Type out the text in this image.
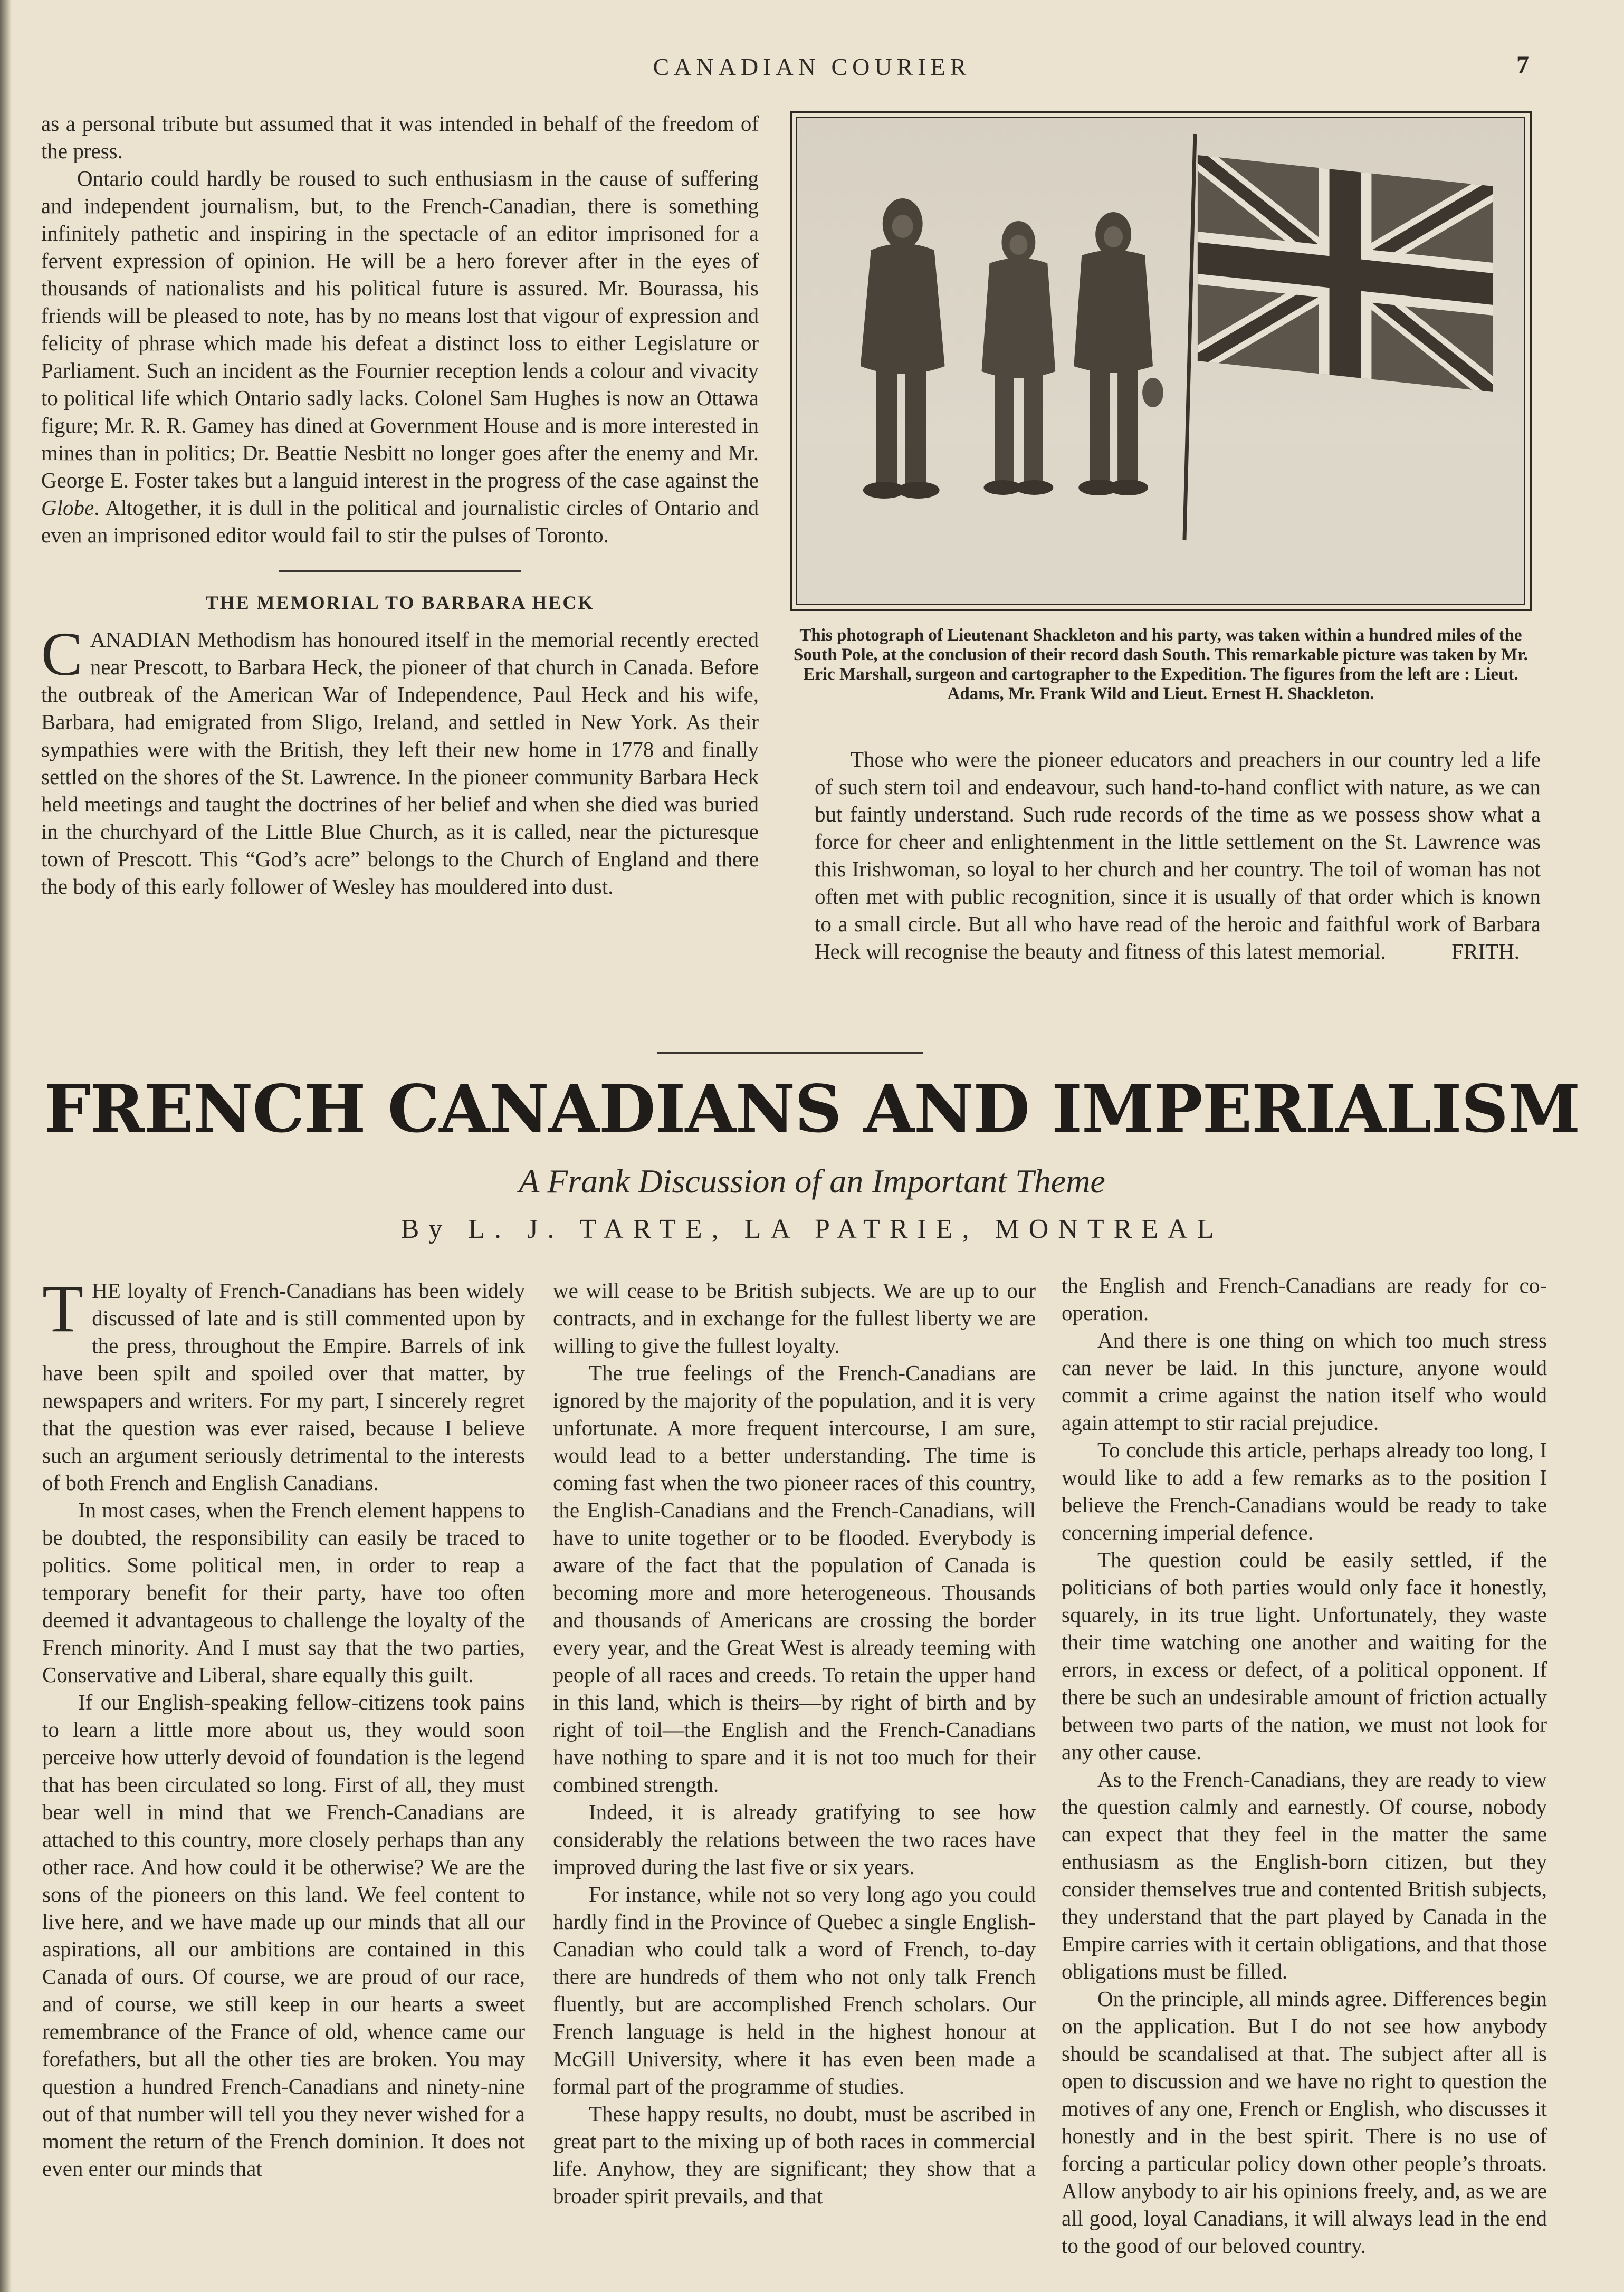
CANADIAN COURIER	7

as a personal tribute but assumed that it was intended in behalf of the freedom of the press.

Ontario could hardly be roused to such enthusiasm in the cause of suffering and independent journalism, but, to the French-Canadian, there is something infinitely pathetic and inspiring in the spectacle of an editor imprisoned for a fervent expression of opinion. He will be a hero forever after in the eyes of thousands of nationalists and his political future is assured. Mr. Bourassa, his friends will be pleased to note, has by no means lost that vigour of expression and felicity of phrase which made his defeat a distinct loss to either Legislature or Parliament. Such an incident as the Fournier reception lends a colour and vivacity to political life which Ontario sadly lacks. Colonel Sam Hughes is now an Ottawa figure; Mr. R. R. Gamey has dined at Government House and is more interested in mines than in politics; Dr. Beattie Nesbitt no longer goes after the enemy and Mr. George E. Foster takes but a languid interest in the progress of the case against the Globe. Altogether, it is dull in the political and journalistic circles of Ontario and even an imprisoned editor would fail to stir the pulses of Toronto.

THE MEMORIAL TO BARBARA HECK

CANADIAN Methodism has honoured itself in the memorial recently erected near Prescott, to Barbara Heck, the pioneer of that church in Canada. Before the outbreak of the American War of Independence, Paul Heck and his wife, Barbara, had emigrated from Sligo, Ireland, and settled in New York. As their sympathies were with the British, they left their new home in 1778 and finally settled on the shores of the St. Lawrence. In the pioneer community Barbara Heck held meetings and taught the doctrines of her belief and when she died was buried in the churchyard of the Little Blue Church, as it is called, near the picturesque town of Prescott. This “God’s acre” belongs to the Church of England and there the body of this early follower of Wesley has mouldered into dust.

This photograph of Lieutenant Shackleton and his party, was taken within a hundred miles of the South Pole, at the conclusion of their record dash South. This remarkable picture was taken by Mr. Eric Marshall, surgeon and cartographer to the Expedition. The figures from the left are : Lieut. Adams, Mr. Frank Wild and Lieut. Ernest H. Shackleton.

Those who were the pioneer educators and preachers in our country led a life of such stern toil and endeavour, such hand-to-hand conflict with nature, as we can but faintly understand. Such rude records of the time as we possess show what a force for cheer and enlightenment in the little settlement on the St. Lawrence was this Irishwoman, so loyal to her church and her country. The toil of woman has not often met with public recognition, since it is usually of that order which is known to a small circle. But all who have read of the heroic and faithful work of Barbara Heck will recognise the beauty and fitness of this latest memorial.	FRITH.

FRENCH CANADIANS AND IMPERIALISM
A Frank Discussion of an Important Theme
By L. J. TARTE, LA PATRIE, MONTREAL

THE loyalty of French-Canadians has been widely discussed of late and is still commented upon by the press, throughout the Empire. Barrels of ink have been spilt and spoiled over that matter, by newspapers and writers. For my part, I sincerely regret that the question was ever raised, because I believe such an argument seriously detrimental to the interests of both French and English Canadians.

In most cases, when the French element happens to be doubted, the responsibility can easily be traced to politics. Some political men, in order to reap a temporary benefit for their party, have too often deemed it advantageous to challenge the loyalty of the French minority. And I must say that the two parties, Conservative and Liberal, share equally this guilt.

If our English-speaking fellow-citizens took pains to learn a little more about us, they would soon perceive how utterly devoid of foundation is the legend that has been circulated so long. First of all, they must bear well in mind that we French-Canadians are attached to this country, more closely perhaps than any other race. And how could it be otherwise? We are the sons of the pioneers on this land. We feel content to live here, and we have made up our minds that all our aspirations, all our ambitions are contained in this Canada of ours. Of course, we are proud of our race, and of course, we still keep in our hearts a sweet remembrance of the France of old, whence came our forefathers, but all the other ties are broken. You may question a hundred French-Canadians and ninety-nine out of that number will tell you they never wished for a moment the return of the French dominion. It does not even enter our minds that

we will cease to be British subjects. We are up to our contracts, and in exchange for the fullest liberty we are willing to give the fullest loyalty.

The true feelings of the French-Canadians are ignored by the majority of the population, and it is very unfortunate. A more frequent intercourse, I am sure, would lead to a better understanding. The time is coming fast when the two pioneer races of this country, the English-Canadians and the French-Canadians, will have to unite together or to be flooded. Everybody is aware of the fact that the population of Canada is becoming more and more heterogeneous. Thousands and thousands of Americans are crossing the border every year, and the Great West is already teeming with people of all races and creeds. To retain the upper hand in this land, which is theirs—by right of birth and by right of toil—the English and the French-Canadians have nothing to spare and it is not too much for their combined strength.

Indeed, it is already gratifying to see how considerably the relations between the two races have improved during the last five or six years.

For instance, while not so very long ago you could hardly find in the Province of Quebec a single English-Canadian who could talk a word of French, to-day there are hundreds of them who not only talk French fluently, but are accomplished French scholars. Our French language is held in the highest honour at McGill University, where it has even been made a formal part of the programme of studies.

These happy results, no doubt, must be ascribed in great part to the mixing up of both races in commercial life. Anyhow, they are significant; they show that a broader spirit prevails, and that

the English and French-Canadians are ready for co-operation.

And there is one thing on which too much stress can never be laid. In this juncture, anyone would commit a crime against the nation itself who would again attempt to stir racial prejudice.

To conclude this article, perhaps already too long, I would like to add a few remarks as to the position I believe the French-Canadians would be ready to take concerning imperial defence.

The question could be easily settled, if the politicians of both parties would only face it honestly, squarely, in its true light. Unfortunately, they waste their time watching one another and waiting for the errors, in excess or defect, of a political opponent. If there be such an undesirable amount of friction actually between two parts of the nation, we must not look for any other cause.

As to the French-Canadians, they are ready to view the question calmly and earnestly. Of course, nobody can expect that they feel in the matter the same enthusiasm as the English-born citizen, but they consider themselves true and contented British subjects, they understand that the part played by Canada in the Empire carries with it certain obligations, and that those obligations must be filled.

On the principle, all minds agree. Differences begin on the application. But I do not see how anybody should be scandalised at that. The subject after all is open to discussion and we have no right to question the motives of any one, French or English, who discusses it honestly and in the best spirit. There is no use of forcing a particular policy down other people’s throats. Allow anybody to air his opinions freely, and, as we are all good, loyal Canadians, it will always lead in the end to the good of our beloved country.
